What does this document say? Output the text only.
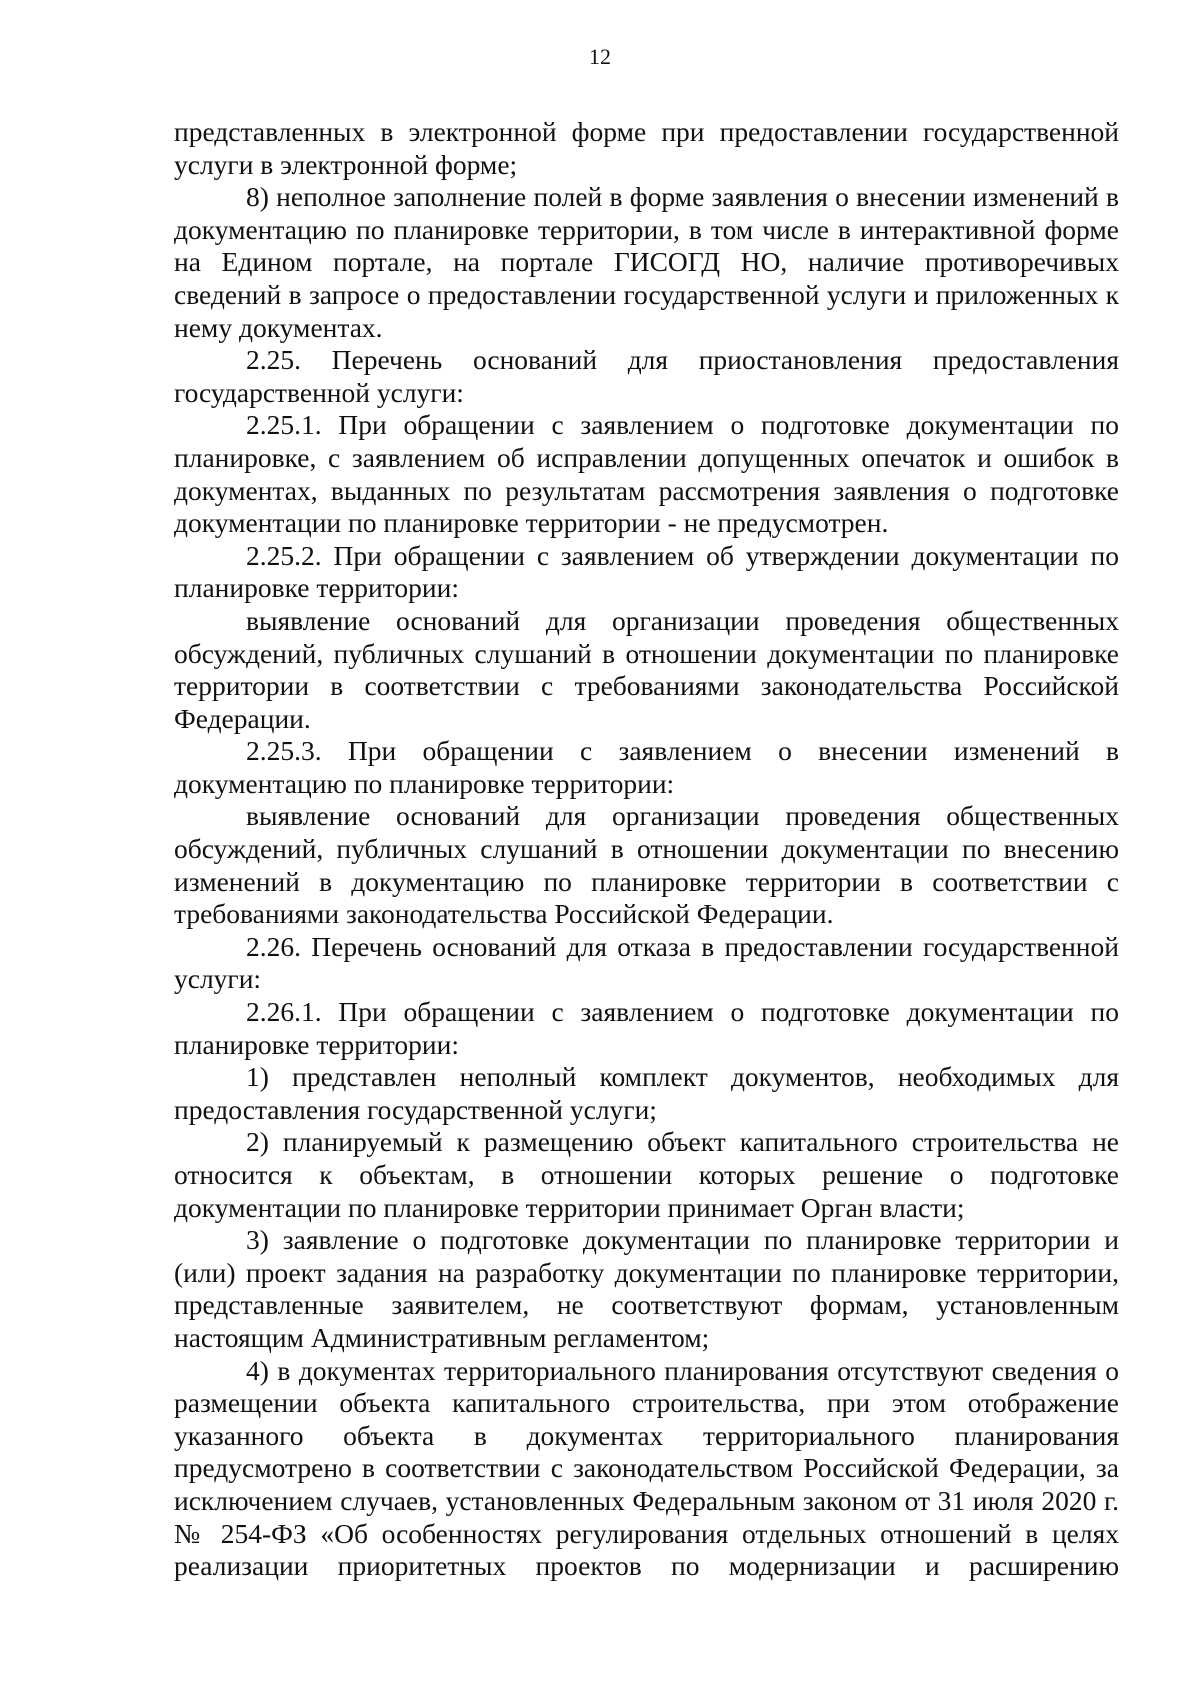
12

представленных в электронной форме при предоставлении государственной услуги в электронной форме;

8) неполное заполнение полей в форме заявления о внесении изменений в документацию по планировке территории, в том числе в интерактивной форме на Едином портале, на портале ГИСОГД НО, наличие противоречивых сведений в запросе о предоставлении государственной услуги и приложенных к нему документах.

2.25. Перечень оснований для приостановления предоставления государственной услуги:

2.25.1. При обращении с заявлением о подготовке документации по планировке, с заявлением об исправлении допущенных опечаток и ошибок в документах, выданных по результатам рассмотрения заявления о подготовке документации по планировке территории - не предусмотрен.

2.25.2. При обращении с заявлением об утверждении документации по планировке территории:

выявление оснований для организации проведения общественных обсуждений, публичных слушаний в отношении документации по планировке территории в соответствии с требованиями законодательства Российской Федерации.

2.25.3. При обращении с заявлением о внесении изменений в документацию по планировке территории:

выявление оснований для организации проведения общественных обсуждений, публичных слушаний в отношении документации по внесению изменений в документацию по планировке территории в соответствии с требованиями законодательства Российской Федерации.

2.26. Перечень оснований для отказа в предоставлении государственной услуги:

2.26.1. При обращении с заявлением о подготовке документации по планировке территории:

1) представлен неполный комплект документов, необходимых для предоставления государственной услуги;

2) планируемый к размещению объект капитального строительства не относится к объектам, в отношении которых решение о подготовке документации по планировке территории принимает Орган власти;

3) заявление о подготовке документации по планировке территории и (или) проект задания на разработку документации по планировке территории, представленные заявителем, не соответствуют формам, установленным настоящим Административным регламентом;

4) в документах территориального планирования отсутствуют сведения о размещении объекта капитального строительства, при этом отображение указанного объекта в документах территориального планирования предусмотрено в соответствии с законодательством Российской Федерации, за исключением случаев, установленных Федеральным законом от 31 июля 2020 г. № 254-ФЗ «Об особенностях регулирования отдельных отношений в целях реализации приоритетных проектов по модернизации и расширению
